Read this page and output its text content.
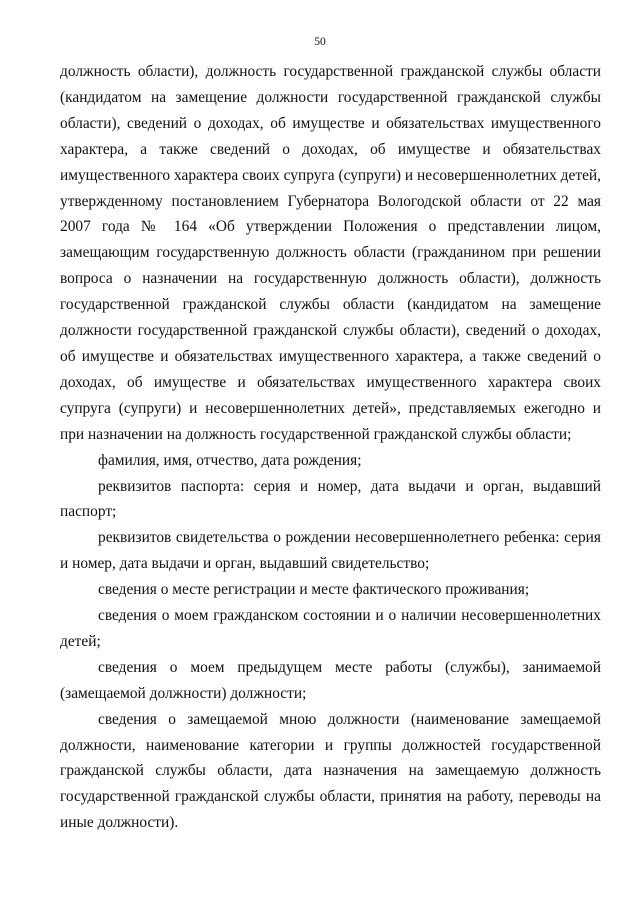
50

должность области), должность государственной гражданской службы области (кандидатом на замещение должности государственной гражданской службы области), сведений о доходах, об имуществе и обязательствах имущественного характера, а также сведений о доходах, об имуществе и обязательствах имущественного характера своих супруга (супруги) и несовершеннолетних детей, утвержденному постановлением Губернатора Вологодской области от 22 мая 2007 года № 164 «Об утверждении Положения о представлении лицом, замещающим государственную должность области (гражданином при решении вопроса о назначении на государственную должность области), должность государственной гражданской службы области (кандидатом на замещение должности государственной гражданской службы области), сведений о доходах, об имуществе и обязательствах имущественного характера, а также сведений о доходах, об имуществе и обязательствах имущественного характера своих супруга (супруги) и несовершеннолетних детей», представляемых ежегодно и при назначении на должность государственной гражданской службы области;

фамилия, имя, отчество, дата рождения;

реквизитов паспорта: серия и номер, дата выдачи и орган, выдавший паспорт;

реквизитов свидетельства о рождении несовершеннолетнего ребенка: серия и номер, дата выдачи и орган, выдавший свидетельство;

сведения о месте регистрации и месте фактического проживания;

сведения о моем гражданском состоянии и о наличии несовершеннолетних детей;

сведения о моем предыдущем месте работы (службы), занимаемой (замещаемой должности) должности;

сведения о замещаемой мною должности (наименование замещаемой должности, наименование категории и группы должностей государственной гражданской службы области, дата назначения на замещаемую должность государственной гражданской службы области, принятия на работу, переводы на иные должности).
